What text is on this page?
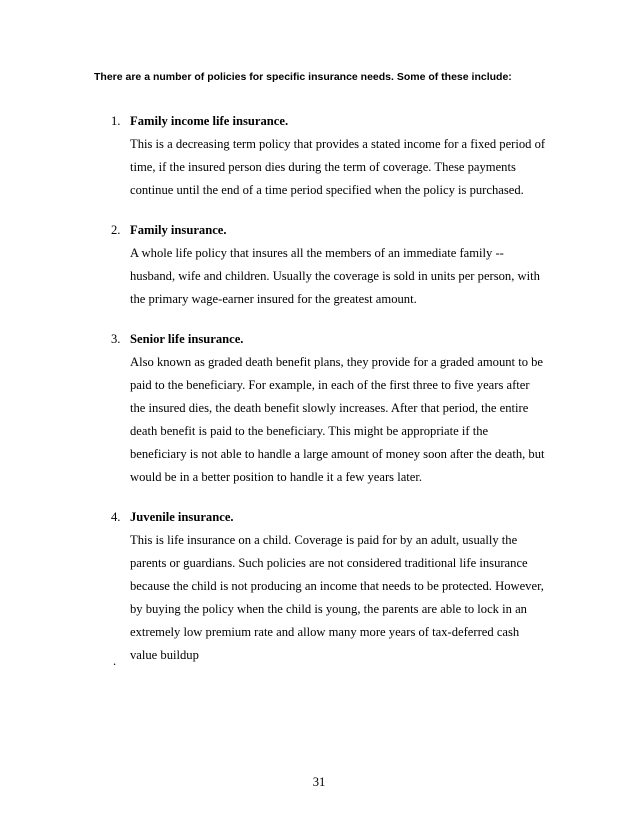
There are a number of policies for specific insurance needs. Some of these include:
1. Family income life insurance.
This is a decreasing term policy that provides a stated income for a fixed period of
time, if the insured person dies during the term of coverage. These payments
continue until the end of a time period specified when the policy is purchased.
2. Family insurance.
A whole life policy that insures all the members of an immediate family --
husband, wife and children. Usually the coverage is sold in units per person, with
the primary wage-earner insured for the greatest amount.
3. Senior life insurance.
Also known as graded death benefit plans, they provide for a graded amount to be
paid to the beneficiary. For example, in each of the first three to five years after
the insured dies, the death benefit slowly increases. After that period, the entire
death benefit is paid to the beneficiary. This might be appropriate if the
beneficiary is not able to handle a large amount of money soon after the death, but
would be in a better position to handle it a few years later.
4. Juvenile insurance.
This is life insurance on a child. Coverage is paid for by an adult, usually the
parents or guardians. Such policies are not considered traditional life insurance
because the child is not producing an income that needs to be protected. However,
by buying the policy when the child is young, the parents are able to lock in an
extremely low premium rate and allow many more years of tax-deferred cash
value buildup
.
31
